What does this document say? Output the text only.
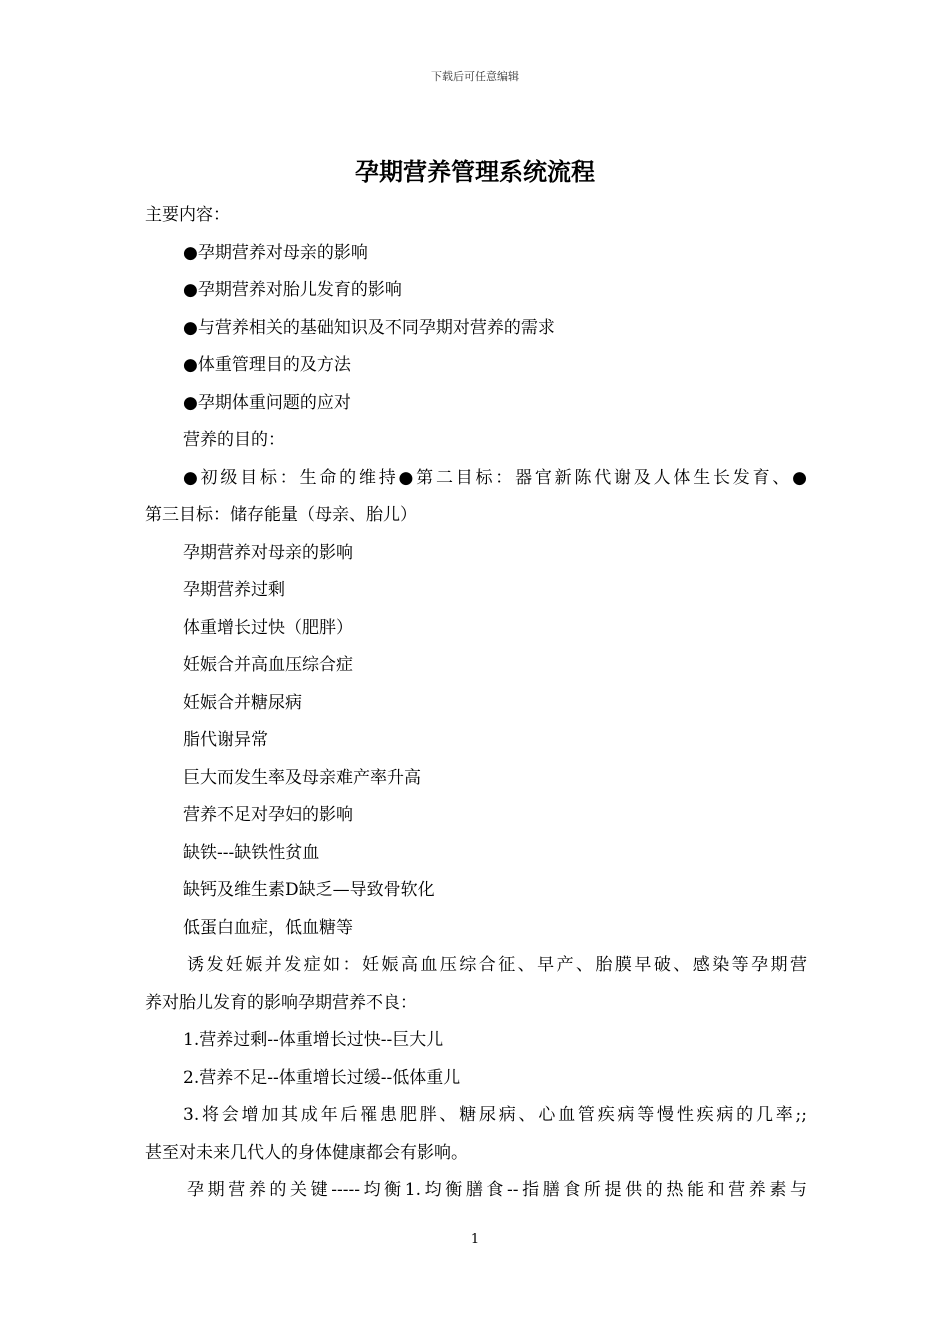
下载后可任意编辑
孕期营养管理系统流程
主要内容：
●孕期营养对母亲的影响
●孕期营养对胎儿发育的影响
●与营养相关的基础知识及不同孕期对营养的需求
●体重管理目的及方法
●孕期体重问题的应对
营养的目的：
●初级目标：生命的维持●第二目标：器官新陈代谢及人体生长发育、●
第三目标：储存能量（母亲、胎儿）
孕期营养对母亲的影响
孕期营养过剩
体重增长过快（肥胖）
妊娠合并高血压综合症
妊娠合并糖尿病
脂代谢异常
巨大而发生率及母亲难产率升高
营养不足对孕妇的影响
缺铁---缺铁性贫血
缺钙及维生素D缺乏—导致骨软化
低蛋白血症，低血糖等
诱发妊娠并发症如：妊娠高血压综合征、早产、胎膜早破、感染等孕期营
养对胎儿发育的影响孕期营养不良：
1.营养过剩--体重增长过快--巨大儿
2.营养不足--体重增长过缓--低体重儿
3.将会增加其成年后罹患肥胖、糖尿病、心血管疾病等慢性疾病的几率;;
甚至对未来几代人的身体健康都会有影响。
孕期营养的关键-----均衡1.均衡膳食--指膳食所提供的热能和营养素与
1
